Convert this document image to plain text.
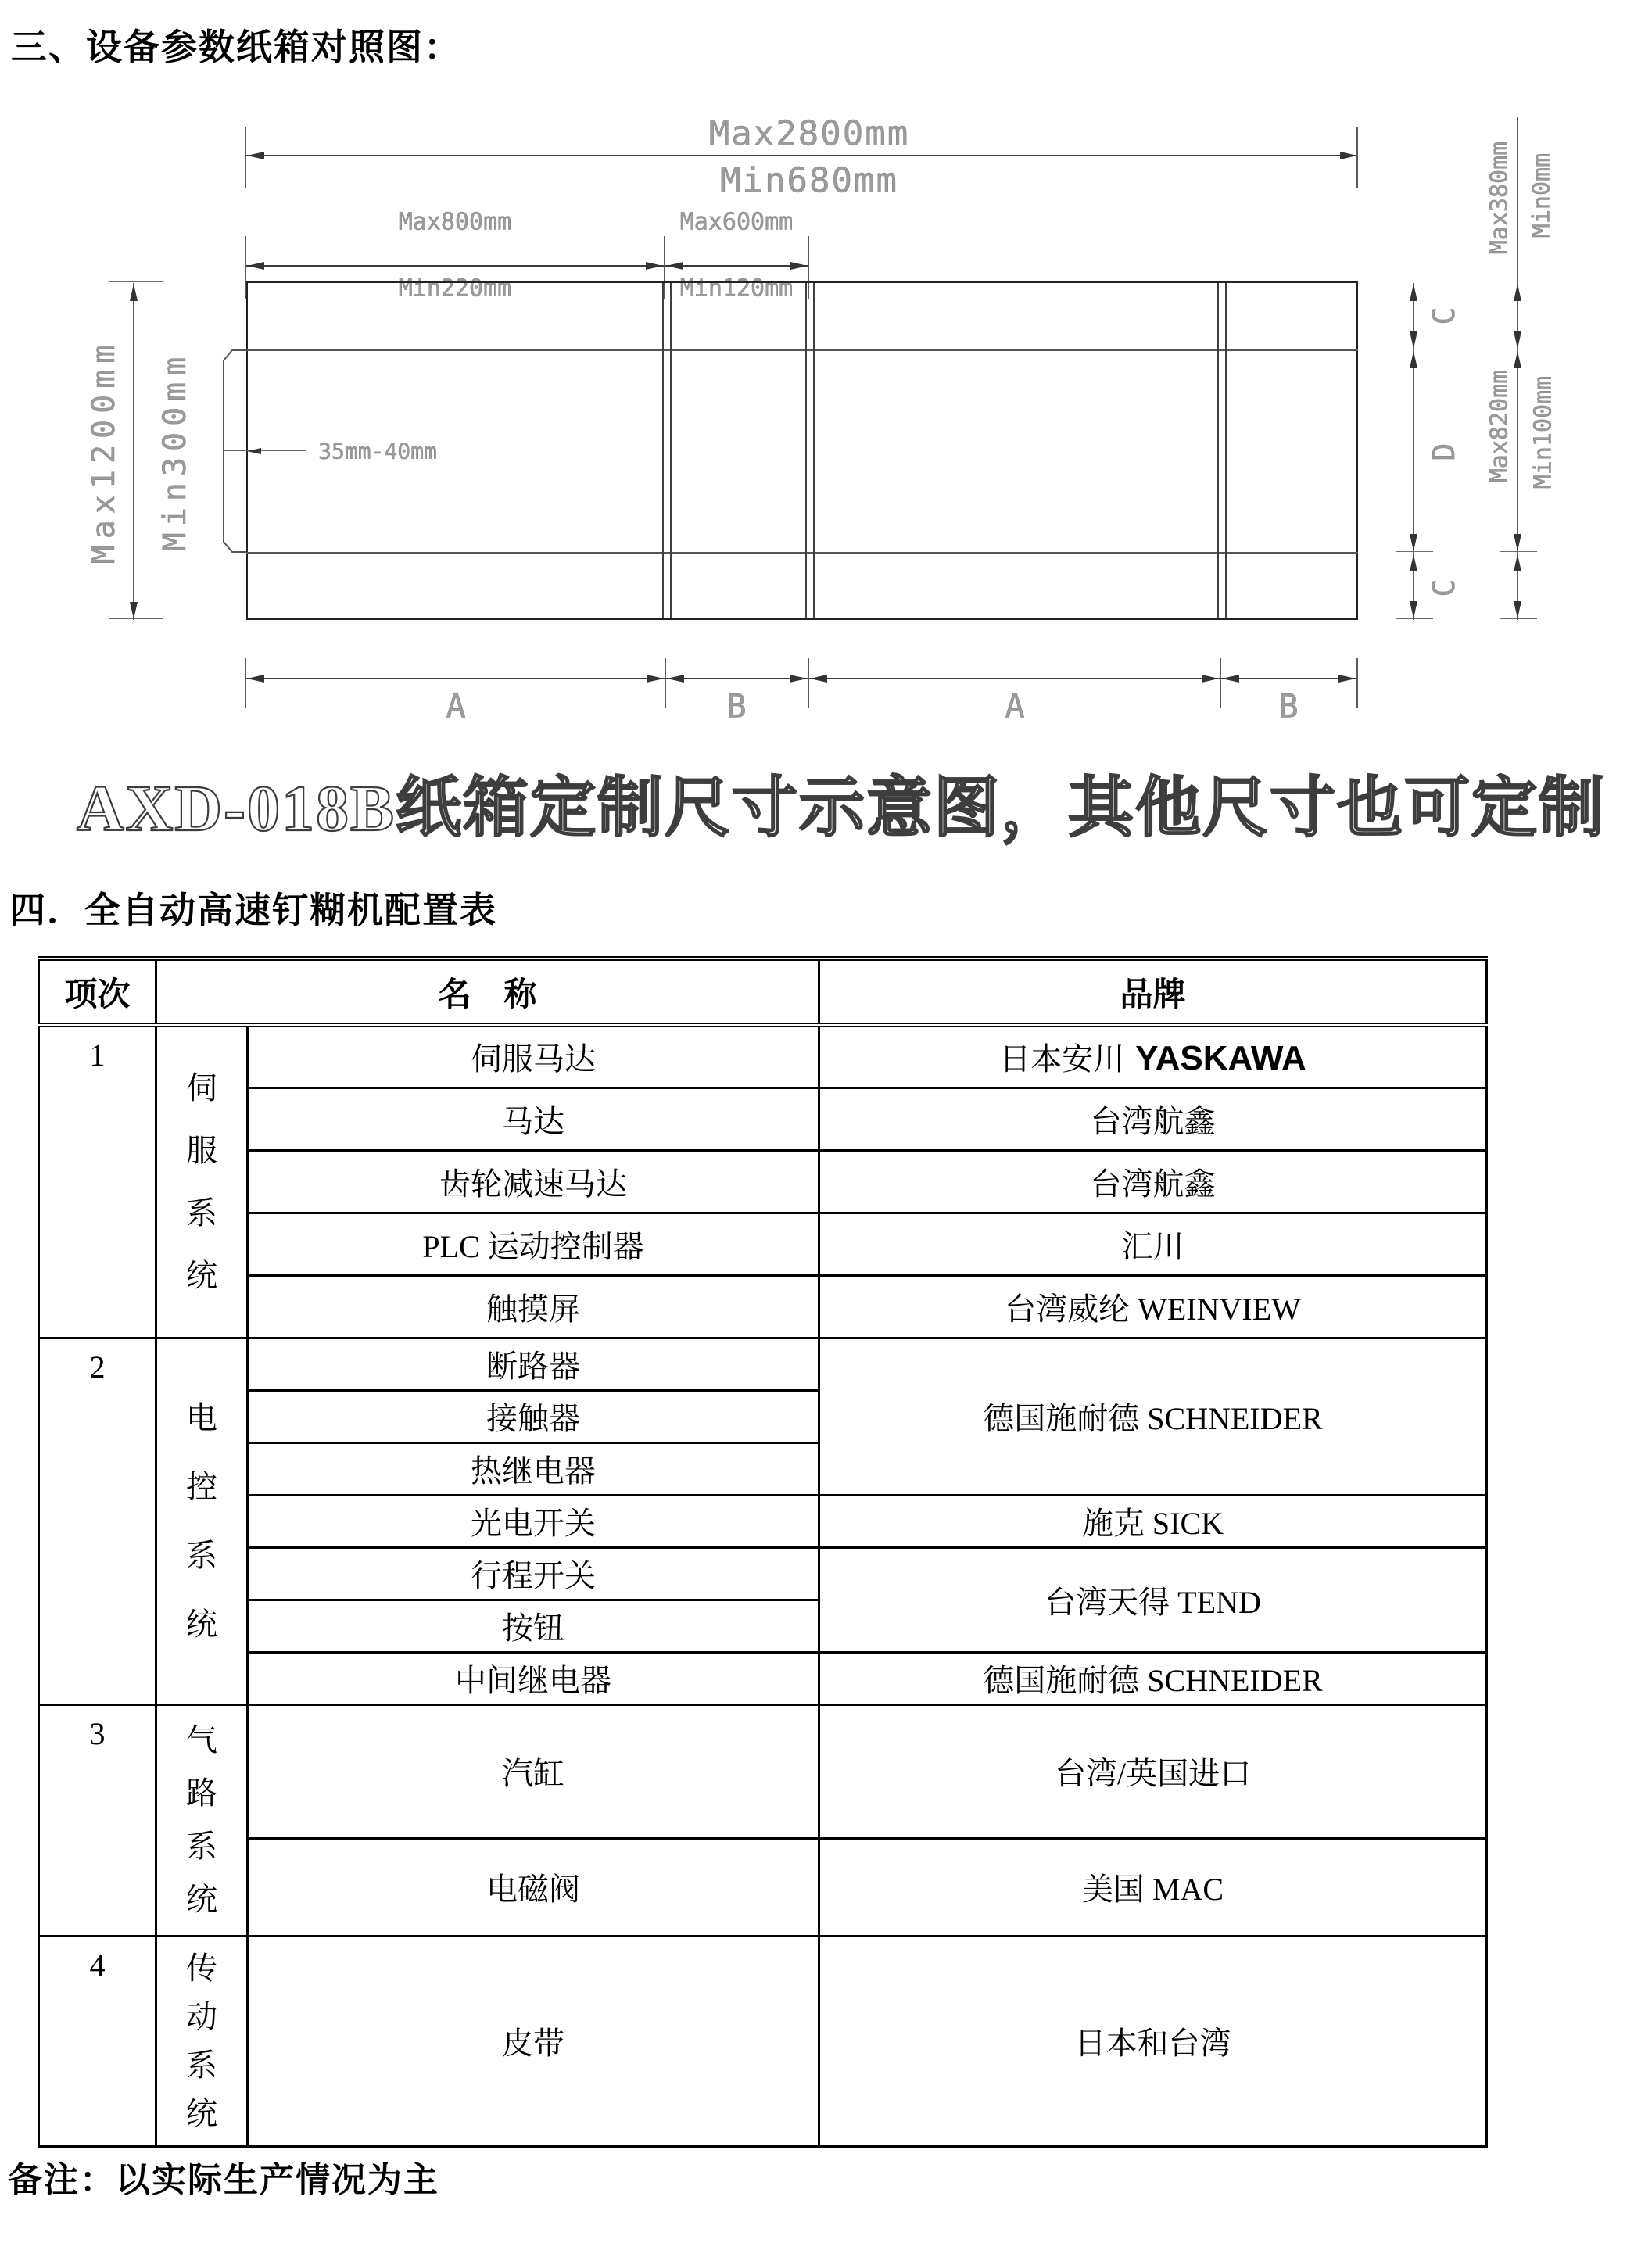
三、设备参数纸箱对照图：
Max2800mm
Min680mm
Max800mm
Min220mm
Max600mm
Min120mm
35mm-40mm
Max1200mm Min300mm
C
D
C
Max380mm Min0mm
Max820mm Min100mm
A	B	A	B
AXD-018B纸箱定制尺寸示意图，其他尺寸也可定制
四．全自动高速钉糊机配置表
项次	名　称		品牌
1	伺服系统	伺服马达	日本安川 YASKAWA
		马达	台湾航鑫
		齿轮减速马达	台湾航鑫
		PLC 运动控制器	汇川
		触摸屏	台湾威纶 WEINVIEW
2	电控系统	断路器	德国施耐德 SCHNEIDER
		接触器	
		热继电器	
		光电开关	施克 SICK
		行程开关	台湾天得 TEND
		按钮	
		中间继电器	德国施耐德 SCHNEIDER
3	气路系统	汽缸	台湾/英国进口
		电磁阀	美国 MAC
4	传动系统	皮带	日本和台湾
备注：以实际生产情况为主
